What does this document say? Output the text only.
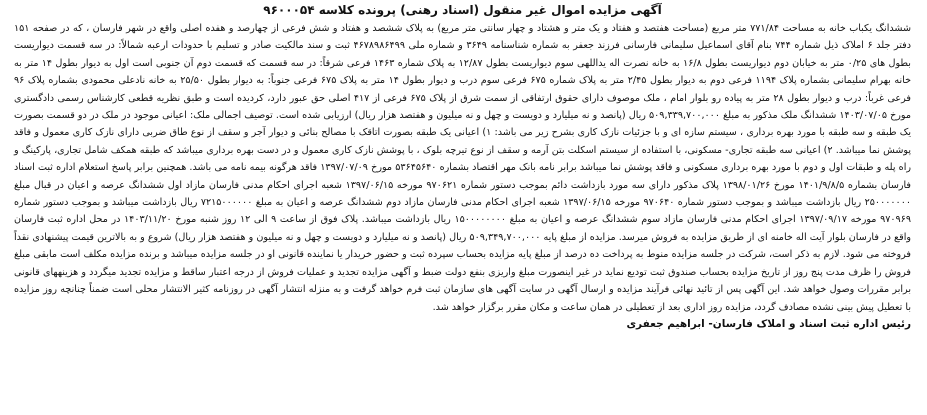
آگهی مزایده اموال غیر منقول (اسناد رهنی) پرونده کلاسه ۹۶۰۰۰۵۴

ششدانگ یکباب خانه به مساحت ۷۷۱/۸۴ متر مربع (مساحت هفتصد و هفتاد و یک متر و هشتاد و چهار سانتی متر مربع) به پلاک ششصد و هفتاد و شش فرعی از چهارصد و هفده اصلی واقع در شهر فارسان ، که در صفحه ۱۵۱ دفتر جلد ۶ املاک ذیل شماره ۷۴۴ بنام آقای اسماعیل سلیمانی فارسانی فرزند جعفر به شماره شناسنامه ۳۶۴۹ و شماره ملی ۴۶۷۸۹۸۶۴۹۹ ثبت و سند مالکیت صادر و تسلیم با حدودات ارعبه شمالاً: در سه قسمت دیواریست بطول های ۰/۲۵ متر به خیابان دوم دیواریست بطول ۱۶/۸ به خانه نصرت اله یداللهی سوم دیواریست بطول ۱۲/۸۷ به پلاک شماره ۱۴۶۳ فرعی شرقاً: در سه قسمت که قسمت دوم آن جنوبی است اول به دیوار بطول ۱۴ متر به خانه بهرام سلیمانی بشماره پلاک ۱۱۹۴ فرعی دوم به دیوار بطول ۲/۴۵ متر به پلاک شماره ۶۷۵ فرعی سوم درب و دیوار بطول ۱۴ متر به پلاک ۶۷۵ فرعی جنوباً: به دیوار بطول ۲۵/۵۰ به خانه نادعلی محمودی بشماره پلاک ۹۶ فرعی غرباً: درب و دیوار بطول ۲۸ متر به پیاده رو بلوار امام ، ملک موصوف دارای حقوق ارتفاقی از سمت شرق از پلاک ۶۷۵ فرعی از ۴۱۷ اصلی حق عبور دارد، کردیده است و طبق نظریه قطعی کارشناس رسمی دادگستری مورخ ۱۴۰۳/۰۷/۰۵ ششدانگ ملک مذکور به مبلغ ۵۰۹,۳۳۹,۷۰۰,۰۰۰ ریال (پانصد و نه میلیارد و دویست و چهل و نه میلیون و هفتصد هزار ریال) ارزیابی شده است. توصیف اجمالی ملک: اعیانی موجود در ملک در دو قسمت بصورت یک طبقه و سه طبقه با مورد بهره برداری ، سیستم سازه ای و با جزئیات نازک کاری بشرح زیر می باشد: ۱) اعیانی یک طبقه بصورت اتاقک با مصالح بنائی و دیوار آجر و سقف از نوع طاق ضربی دارای نازک کاری معمول و فاقد پوشش نما میباشد. ۲) اعیانی سه طبقه تجاری- مسکونی، با استفاده از سیستم اسکلت بتن آرمه و سقف از نوع تیرچه بلوک ، با پوشش نازک کاری معمول و در دست بهره برداری میباشد که طبقه همکف شامل تجاری، پارکینگ و راه پله و طبقات اول و دوم با مورد بهره برداری مسکونی و فاقد پوشش نما میباشد برابر نامه بانک مهر اقتصاد بشماره ۵۳۶۴۵۶۴۰ مورخ ۱۳۹۷/۰۷/۰۹ فاقد هرگونه بیمه نامه می باشد. همچنین برابر پاسخ استعلام اداره ثبت اسناد فارسان بشماره ۱۴۰۱/۹/۸/۵ مورخ ۱۳۹۸/۰۱/۲۶ پلاک مذکور دارای سه مورد بازداشت دائم بموجب دستور شماره ۹۷۰۶۲۱ مورخه ۱۳۹۷/۰۶/۱۵ شعبه اجرای احکام مدنی فارسان مازاد اول ششدانگ عرصه و اعیان در قبال مبلغ ۲۵۰۰۰۰۰۰۰ ریال بازداشت میباشد و بموجب دستور شماره ۹۷۰۶۴۰ مورخه ۱۳۹۷/۰۶/۱۵ شعبه اجرای احکام مدنی فارسان مازاد دوم ششدانگ عرصه و اعیان به مبلغ ۷۲۱۵۰۰۰۰۰۰ ریال بازداشت میباشد و بموجب دستور شماره ۹۷۰۹۶۹ مورخه ۱۳۹۷/۰۹/۱۷ اجرای احکام مدنی فارسان مازاد سوم ششدانگ عرصه و اعیان به مبلغ ۱۵۰۰۰۰۰۰۰۰ ریال بازداشت میباشد. پلاک فوق از ساعت ۹ الی ۱۲ روز شنبه مورخ ۱۴۰۳/۱۱/۲۰ در محل اداره ثبت فارسان واقع در فارسان بلوار آیت اله خامنه ای از طریق مزایده به فروش میرسد. مزایده از مبلغ پایه ۵۰۹,۳۴۹,۷۰۰,۰۰۰ ریال (پانصد و نه میلیارد و دویست و چهل و نه میلیون و هفتصد هزار ریال) شروع و به بالاترین قیمت پیشنهادی نقداً فروخته می شود. لازم به ذکر است، شرکت در جلسه مزایده منوط به پرداخت ده درصد از مبلغ پایه مزایده بحساب سپرده ثبت و حضور خریدار یا نماینده قانونی او در جلسه مزایده میباشد و برنده مزایده مکلف است مابقی مبلغ فروش را ظرف مدت پنج روز از تاریخ مزایده بحساب صندوق ثبت تودیع نماید در غیر اینصورت مبلغ واریزی بنفع دولت ضبط و آگهی مزایده تجدید و عملیات فروش از درجه اعتبار ساقط و مزایده تجدید میگردد و هزینههای قانونی برابر مقررات وصول خواهد شد. این آگهی پس از تائید نهائی فرآیند مزایده و ارسال آگهی در سایت آگهی های سازمان ثبت فرم خواهد گرفت و به منزله انتشار آگهی در روزنامه کثیر الانتشار محلی است ضمناً چنانچه روز مزایده با تعطیل پیش بینی نشده مصادف گردد، مزایده روز اداری بعد از تعطیلی در همان ساعت و مکان مقرر برگزار خواهد شد.

رئیس اداره ثبت اسناد و املاک فارسان- ابراهیم جعفری
